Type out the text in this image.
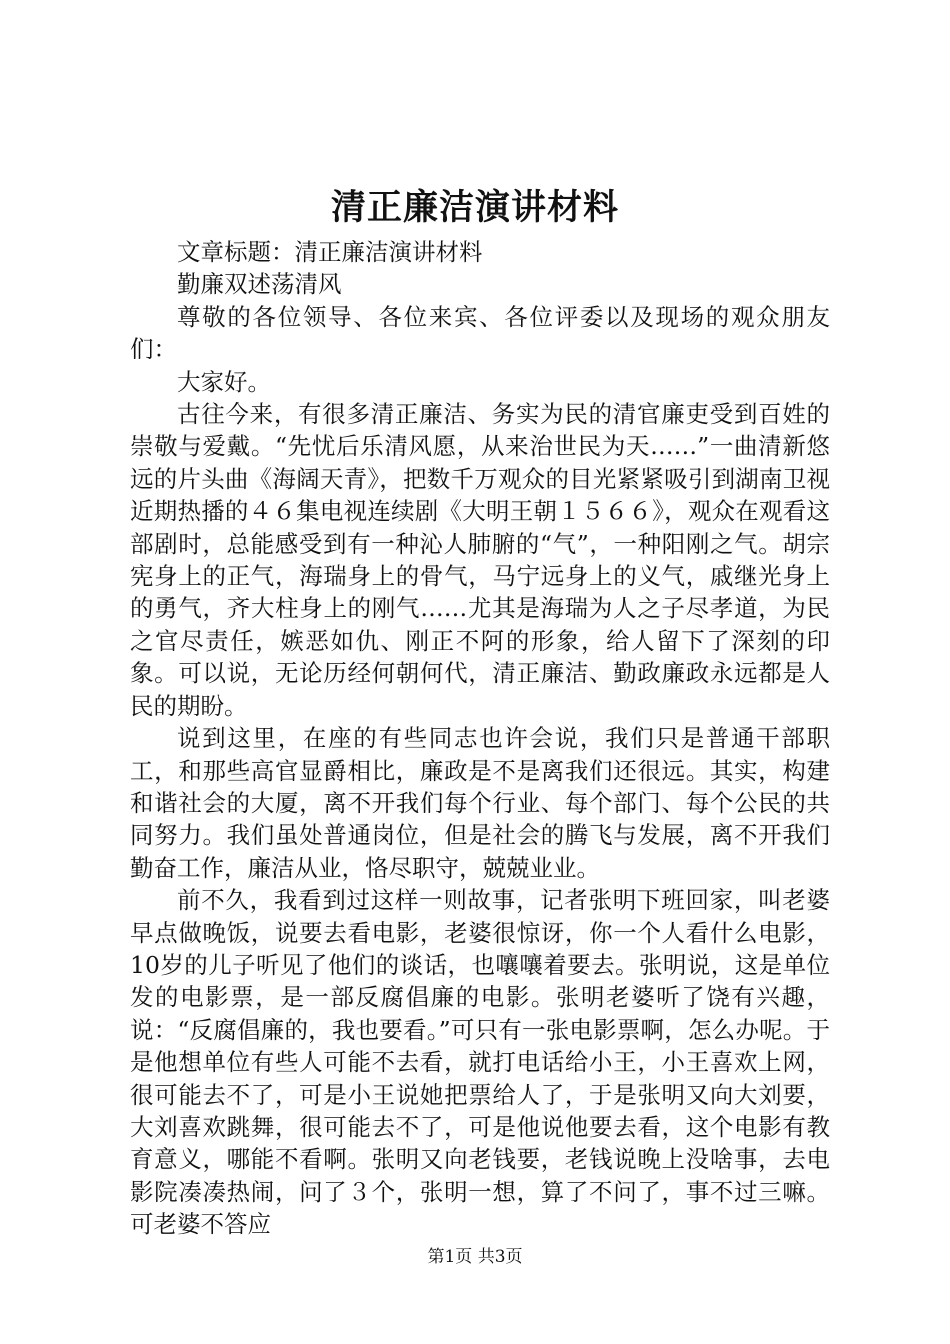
清正廉洁演讲材料

文章标题：清正廉洁演讲材料

勤廉双述荡清风

尊敬的各位领导、各位来宾、各位评委以及现场的观众朋友们：

大家好。

古往今来，有很多清正廉洁、务实为民的清官廉吏受到百姓的崇敬与爱戴。“先忧后乐清风愿，从来治世民为天……”一曲清新悠远的片头曲《海阔天青》，把数千万观众的目光紧紧吸引到湖南卫视近期热播的４６集电视连续剧《大明王朝１５６６》，观众在观看这部剧时，总能感受到有一种沁人肺腑的“气”，一种阳刚之气。胡宗宪身上的正气，海瑞身上的骨气，马宁远身上的义气，戚继光身上的勇气，齐大柱身上的刚气……尤其是海瑞为人之子尽孝道，为民之官尽责任，嫉恶如仇、刚正不阿的形象，给人留下了深刻的印象。可以说，无论历经何朝何代，清正廉洁、勤政廉政永远都是人民的期盼。

说到这里，在座的有些同志也许会说，我们只是普通干部职工，和那些高官显爵相比，廉政是不是离我们还很远。其实，构建和谐社会的大厦，离不开我们每个行业、每个部门、每个公民的共同努力。我们虽处普通岗位，但是社会的腾飞与发展，离不开我们勤奋工作，廉洁从业，恪尽职守，兢兢业业。

前不久，我看到过这样一则故事，记者张明下班回家，叫老婆早点做晚饭，说要去看电影，老婆很惊讶，你一个人看什么电影，10岁的儿子听见了他们的谈话，也嚷嚷着要去。张明说，这是单位发的电影票，是一部反腐倡廉的电影。张明老婆听了饶有兴趣，说：“反腐倡廉的，我也要看。”可只有一张电影票啊，怎么办呢。于是他想单位有些人可能不去看，就打电话给小王，小王喜欢上网，很可能去不了，可是小王说她把票给人了，于是张明又向大刘要，大刘喜欢跳舞，很可能去不了，可是他说他要去看，这个电影有教育意义，哪能不看啊。张明又向老钱要，老钱说晚上没啥事，去电影院凑凑热闹，问了３个，张明一想，算了不问了，事不过三嘛。可老婆不答应

第1页 共3页
